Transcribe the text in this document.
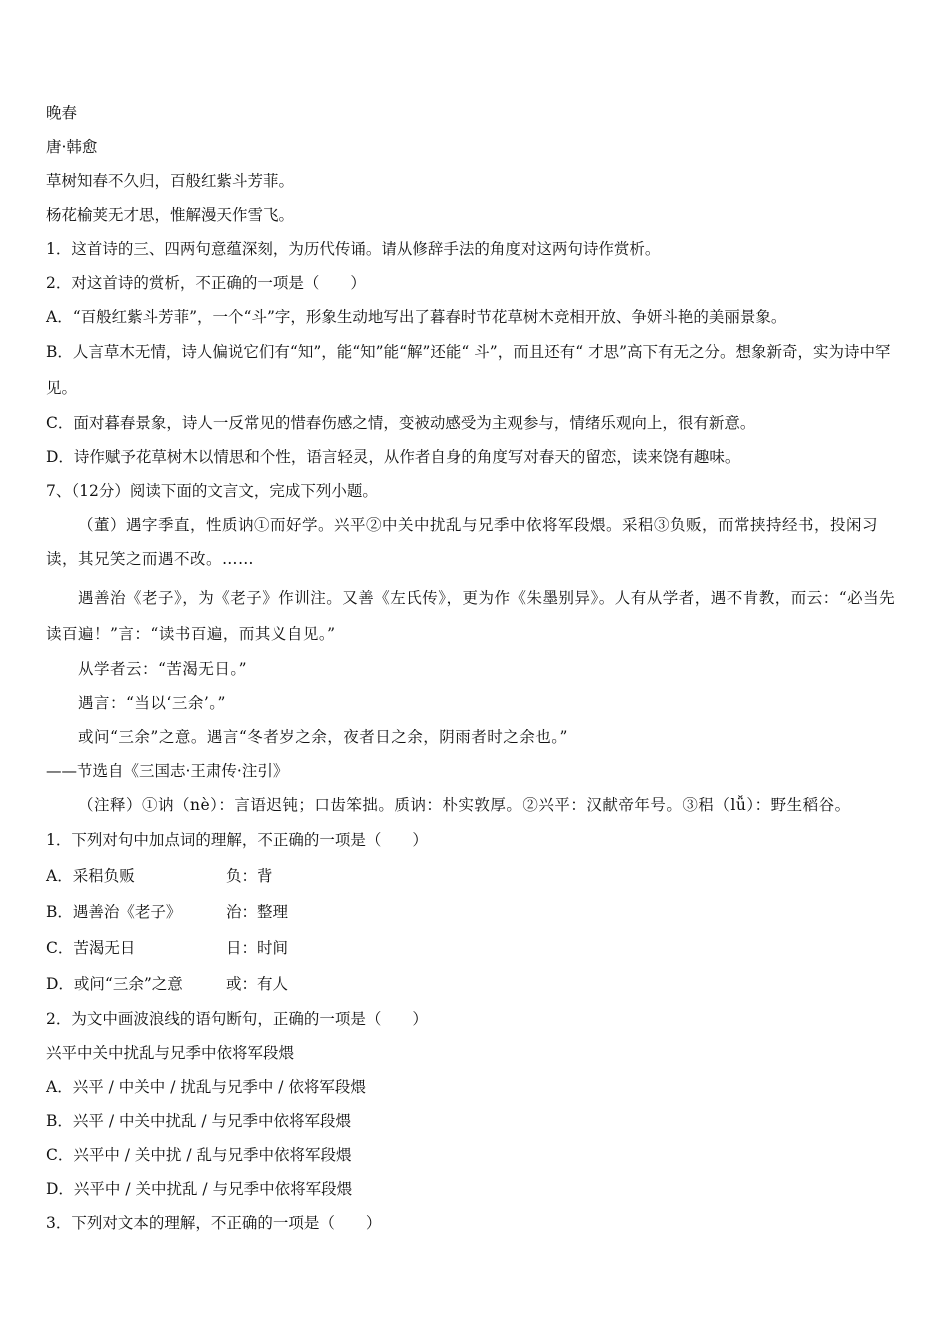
晚春
唐·韩愈
草树知春不久归，百般红紫斗芳菲。
杨花榆荚无才思，惟解漫天作雪飞。
1．这首诗的三、四两句意蕴深刻，为历代传诵。请从修辞手法的角度对这两句诗作赏析。
2．对这首诗的赏析，不正确的一项是（　　）
A．“百般红紫斗芳菲”，一个“斗”字，形象生动地写出了暮春时节花草树木竞相开放、争妍斗艳的美丽景象。
B．人言草木无情，诗人偏说它们有“知”，能“知”能“解”还能“ 斗”，而且还有“ 才思”高下有无之分。想象新奇，实为诗中罕见。
C．面对暮春景象，诗人一反常见的惜春伤感之情，变被动感受为主观参与，情绪乐观向上，很有新意。
D．诗作赋予花草树木以情思和个性，语言轻灵，从作者自身的角度写对春天的留恋，读来饶有趣味。
7、（12分）阅读下面的文言文，完成下列小题。
（董）遇字季直，性质讷①而好学。兴平②中关中扰乱与兄季中依将军段煨。采稆③负贩，而常挟持经书，投闲习读，其兄笑之而遇不改。……
遇善治《老子》，为《老子》作训注。又善《左氏传》，更为作《朱墨别异》。人有从学者，遇不肯教，而云：“必当先读百遍！”言：“读书百遍，而其义自见。”
从学者云：“苦渴无日。”
遇言：“当以‘三余’。”
或问“三余”之意。遇言“冬者岁之余，夜者日之余，阴雨者时之余也。”
——节选自《三国志·王肃传·注引》
（注释）①讷（nè）：言语迟钝；口齿笨拙。质讷：朴实敦厚。②兴平：汉献帝年号。③稆（lǚ）：野生稻谷。
1．下列对句中加点词的理解，不正确的一项是（　　）
A．采稆负贩	负：背
B．遇善治《老子》	治：整理
C．苦渴无日	日：时间
D．或问“三余”之意	或：有人
2．为文中画波浪线的语句断句，正确的一项是（　　）
兴平中关中扰乱与兄季中依将军段煨
A．兴平 / 中关中 / 扰乱与兄季中 / 依将军段煨
B．兴平 / 中关中扰乱 / 与兄季中依将军段煨
C．兴平中 / 关中扰 / 乱与兄季中依将军段煨
D．兴平中 / 关中扰乱 / 与兄季中依将军段煨
3．下列对文本的理解，不正确的一项是（　　）
